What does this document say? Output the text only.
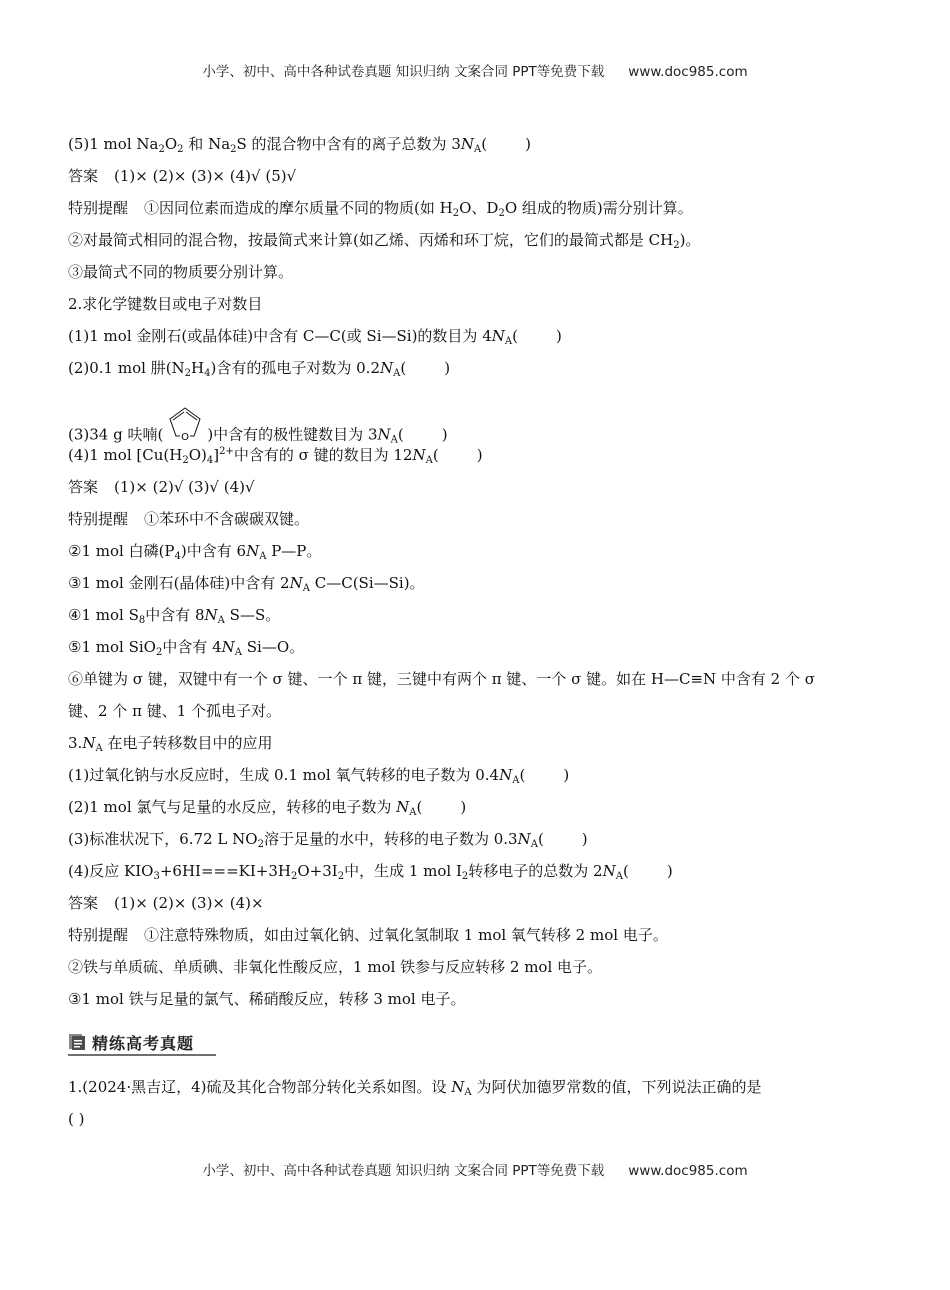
小学、初中、高中各种试卷真题 知识归纳 文案合同 PPT等免费下载 www.doc985.com
(5)1 mol $Na_2O_2$ 和 $Na_2S$ 的混合物中含有的离子总数为 $3N_A$(	)
答案 (1)× (2)× (3)× (4)√ (5)√
特别提醒 ①因同位素而造成的摩尔质量不同的物质(如 $H_2O$、$D_2O$ 组成的物质)需分别计算。
②对最简式相同的混合物，按最简式来计算(如乙烯、丙烯和环丁烷，它们的最简式都是 $CH_2$)。
③最简式不同的物质要分别计算。
2.求化学键数目或电子对数目
(1)1 mol 金刚石(或晶体硅)中含有 C—C(或 Si—Si)的数目为 $4N_A$(	)
(2)0.1 mol 肼$(N_2H_4)$含有的孤电子对数为 $0.2N_A$(	)
(3)34 g 呋喃( O )中含有的极性键数目为 $3N_A$(	)
(4)1 mol $[Cu(H_2O)_4]^{2+}$中含有的 σ 键的数目为 $12N_A$(	)
答案 (1)× (2)√ (3)√ (4)√
特别提醒 ①苯环中不含碳碳双键。
②1 mol 白磷$(P_4)$中含有 $6N_A$ P—P。
③1 mol 金刚石(晶体硅)中含有 $2N_A$ C—C(Si—Si)。
④1 mol $S_8$中含有 $8N_A$ S—S。
⑤1 mol SiO$_2$中含有 $4N_A$ Si—O。
⑥单键为 σ 键，双键中有一个 σ 键、一个 π 键，三键中有两个 π 键、一个 σ 键。如在 H—C≡N 中含有 2 个 σ
键、2 个 π 键、1 个孤电子对。
$3.N_A$ 在电子转移数目中的应用
(1)过氧化钠与水反应时，生成 0.1 mol 氧气转移的电子数为 $0.4N_A$(	)
(2)1 mol 氯气与足量的水反应，转移的电子数为 $N_A$(	)
(3)标准状况下，6.72 L $NO_2$溶于足量的水中，转移的电子数为 $0.3N_A$(	)
(4)反应 $KIO_3+6HI===KI+3H_2O+3I_2$中，生成 1 mol $I_2$转移电子的总数为 $2N_A$(	)
答案 (1)× (2)× (3)× (4)×
特别提醒 ①注意特殊物质，如由过氧化钠、过氧化氢制取 1 mol 氧气转移 2 mol 电子。
②铁与单质硫、单质碘、非氧化性酸反应，1 mol 铁参与反应转移 2 mol 电子。
③1 mol 铁与足量的氯气、稀硝酸反应，转移 3 mol 电子。
精练高考真题
1.(2024·黑吉辽，4)硫及其化合物部分转化关系如图。设 $N_A$ 为阿伏加德罗常数的值，下列说法正确的是
( )
小学、初中、高中各种试卷真题 知识归纳 文案合同 PPT等免费下载 www.doc985.com
